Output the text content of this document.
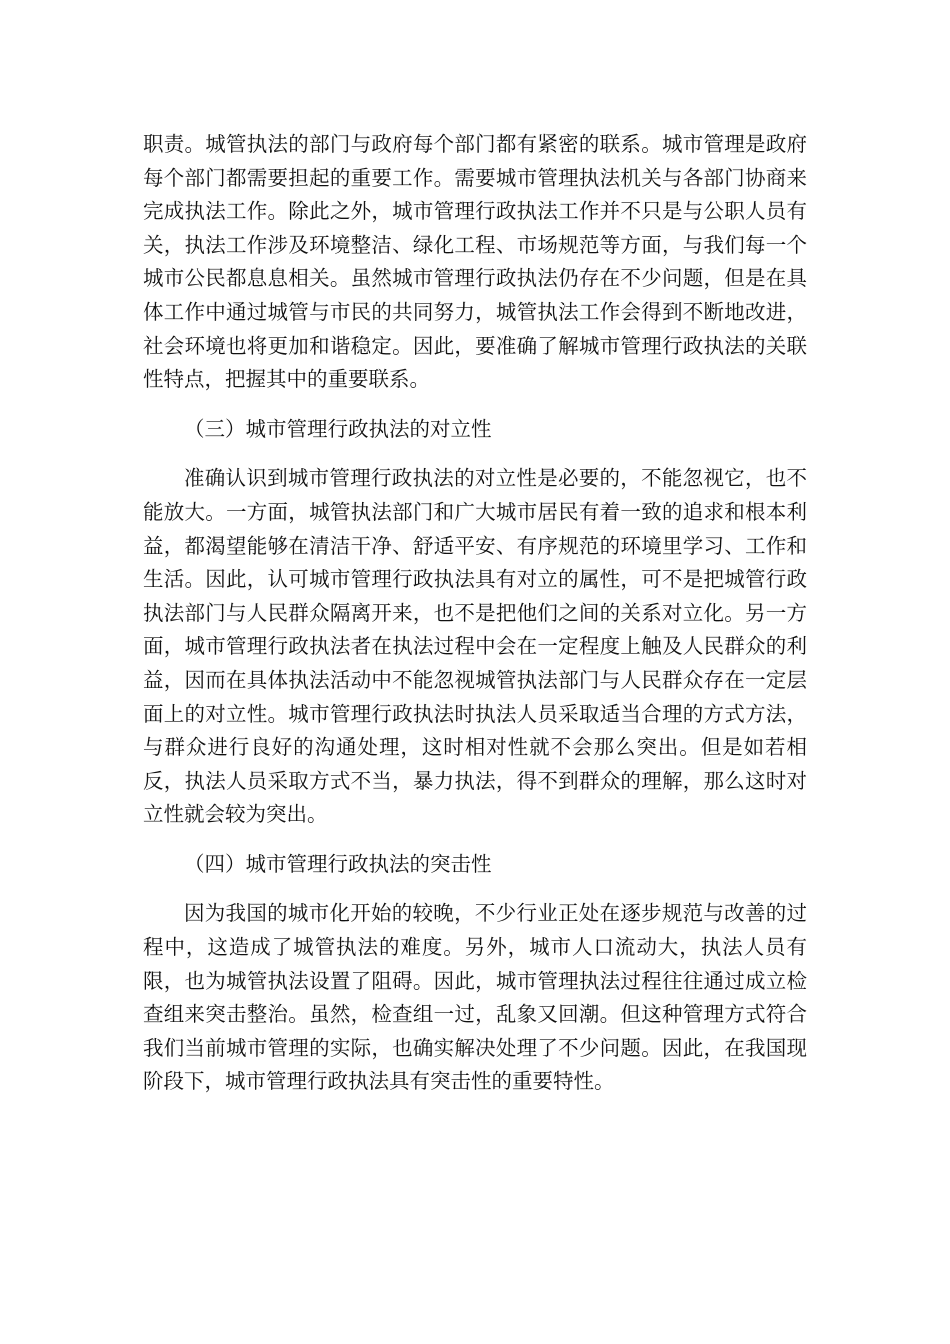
职责。城管执法的部门与政府每个部门都有紧密的联系。城市管理是政府每个部门都需要担起的重要工作。需要城市管理执法机关与各部门协商来完成执法工作。除此之外，城市管理行政执法工作并不只是与公职人员有关，执法工作涉及环境整洁、绿化工程、市场规范等方面，与我们每一个城市公民都息息相关。虽然城市管理行政执法仍存在不少问题，但是在具体工作中通过城管与市民的共同努力，城管执法工作会得到不断地改进，社会环境也将更加和谐稳定。因此，要准确了解城市管理行政执法的关联性特点，把握其中的重要联系。

（三）城市管理行政执法的对立性

准确认识到城市管理行政执法的对立性是必要的，不能忽视它，也不能放大。一方面，城管执法部门和广大城市居民有着一致的追求和根本利益，都渴望能够在清洁干净、舒适平安、有序规范的环境里学习、工作和生活。因此，认可城市管理行政执法具有对立的属性，可不是把城管行政执法部门与人民群众隔离开来，也不是把他们之间的关系对立化。另一方面，城市管理行政执法者在执法过程中会在一定程度上触及人民群众的利益，因而在具体执法活动中不能忽视城管执法部门与人民群众存在一定层面上的对立性。城市管理行政执法时执法人员采取适当合理的方式方法，与群众进行良好的沟通处理，这时相对性就不会那么突出。但是如若相反，执法人员采取方式不当，暴力执法，得不到群众的理解，那么这时对立性就会较为突出。

（四）城市管理行政执法的突击性

因为我国的城市化开始的较晚，不少行业正处在逐步规范与改善的过程中，这造成了城管执法的难度。另外，城市人口流动大，执法人员有限，也为城管执法设置了阻碍。因此，城市管理执法过程往往通过成立检查组来突击整治。虽然，检查组一过，乱象又回潮。但这种管理方式符合我们当前城市管理的实际，也确实解决处理了不少问题。因此，在我国现阶段下，城市管理行政执法具有突击性的重要特性。
